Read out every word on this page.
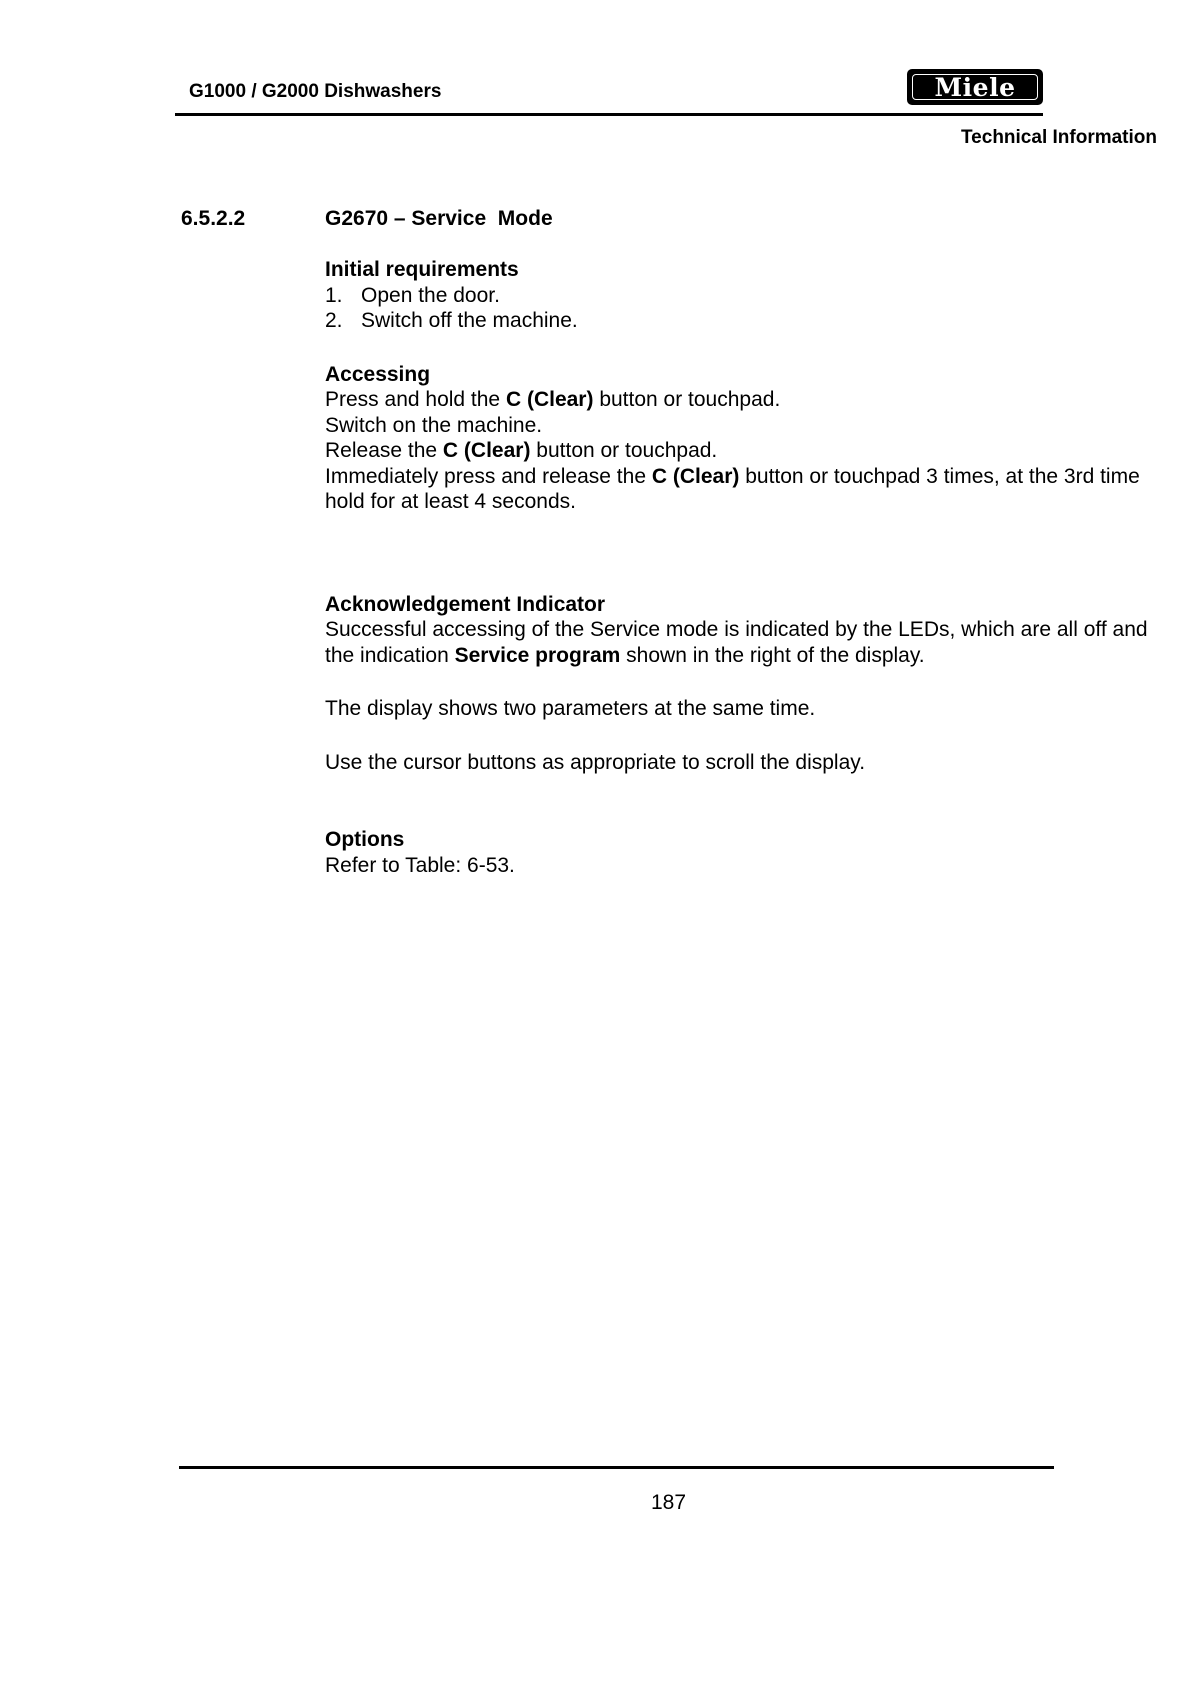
G1000 / G2000 Dishwashers	Miele
Technical Information
6.5.2.2	G2670 – Service  Mode
Initial requirements
1. Open the door.
2. Switch off the machine.
Accessing

Press and hold the C (Clear) button or touchpad.

Switch on the machine.

Release the C (Clear) button or touchpad.

Immediately press and release the C (Clear) button or touchpad 3 times, at the 3rd time hold for at least 4 seconds.

Acknowledgement Indicator

Successful accessing of the Service mode is indicated by the LEDs, which are all off and the indication Service program shown in the right of the display.

The display shows two parameters at the same time.

Use the cursor buttons as appropriate to scroll the display.

Options

Refer to Table: 6-53.

187
